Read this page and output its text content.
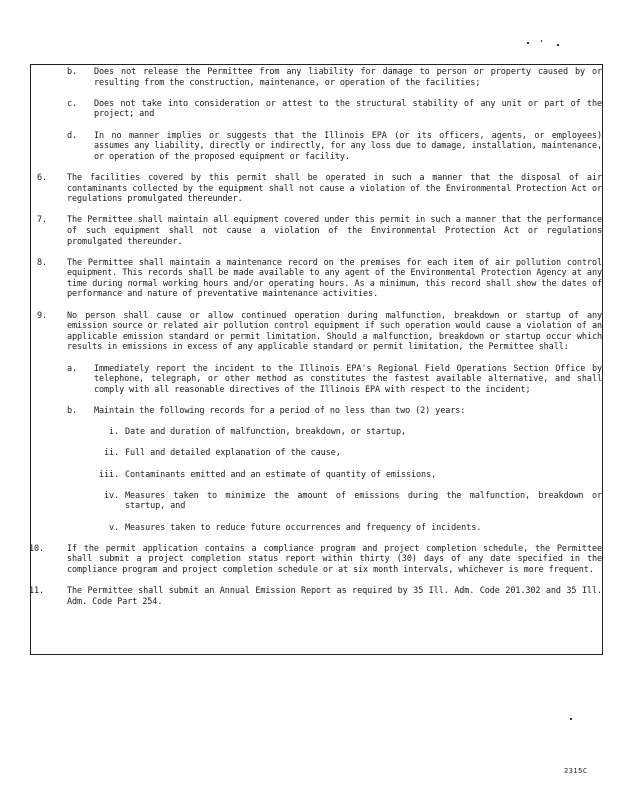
b. Does not release the Permittee from any liability for damage to person or property caused by or resulting from the construction, maintenance, or operation of the facilities;
c. Does not take into consideration or attest to the structural stability of any unit or part of the project; and
d. In no manner implies or suggests that the Illinois EPA (or its officers, agents, or employees) assumes any liability, directly or indirectly, for any loss due to damage, installation, maintenance, or operation of the proposed equipment or facility.
6. The facilities covered by this permit shall be operated in such a manner that the disposal of air contaminants collected by the equipment shall not cause a violation of the Environmental Protection Act or regulations promulgated thereunder.
7. The Permittee shall maintain all equipment covered under this permit in such a manner that the performance of such equipment shall not cause a violation of the Environmental Protection Act or regulations promulgated thereunder.
8. The Permittee shall maintain a maintenance record on the premises for each item of air pollution control equipment. This records shall be made available to any agent of the Environmental Protection Agency at any time during normal working hours and/or operating hours. As a minimum, this record shall show the dates of performance and nature of preventative maintenance activities.
9. No person shall cause or allow continued operation during malfunction, breakdown or startup of any emission source or related air pollution control equipment if such operation would cause a violation of an applicable emission standard or permit limitation. Should a malfunction, breakdown or startup occur which results in emissions in excess of any applicable standard or permit limitation, the Permittee shall:
a. Immediately report the incident to the Illinois EPA's Regional Field Operations Section Office by telephone, telegraph, or other method as constitutes the fastest available alternative, and shall comply with all reasonable directives of the Illinois EPA with respect to the incident;
b. Maintain the following records for a period of no less than two (2) years:
i. Date and duration of malfunction, breakdown, or startup,
ii. Full and detailed explanation of the cause,
iii. Contaminants emitted and an estimate of quantity of emissions,
iv. Measures taken to minimize the amount of emissions during the malfunction, breakdown or startup, and
v. Measures taken to reduce future occurrences and frequency of incidents.
10.	If the permit application contains a compliance program and project completion schedule, the Permittee shall submit a project completion status report within thirty (30) days of any date specified in the compliance program and project completion schedule or at six month intervals, whichever is more frequent.
11.	The Permittee shall submit an Annual Emission Report as required by 35 Ill. Adm. Code 201.302 and 35 Ill. Adm. Code Part 254.
2315C
